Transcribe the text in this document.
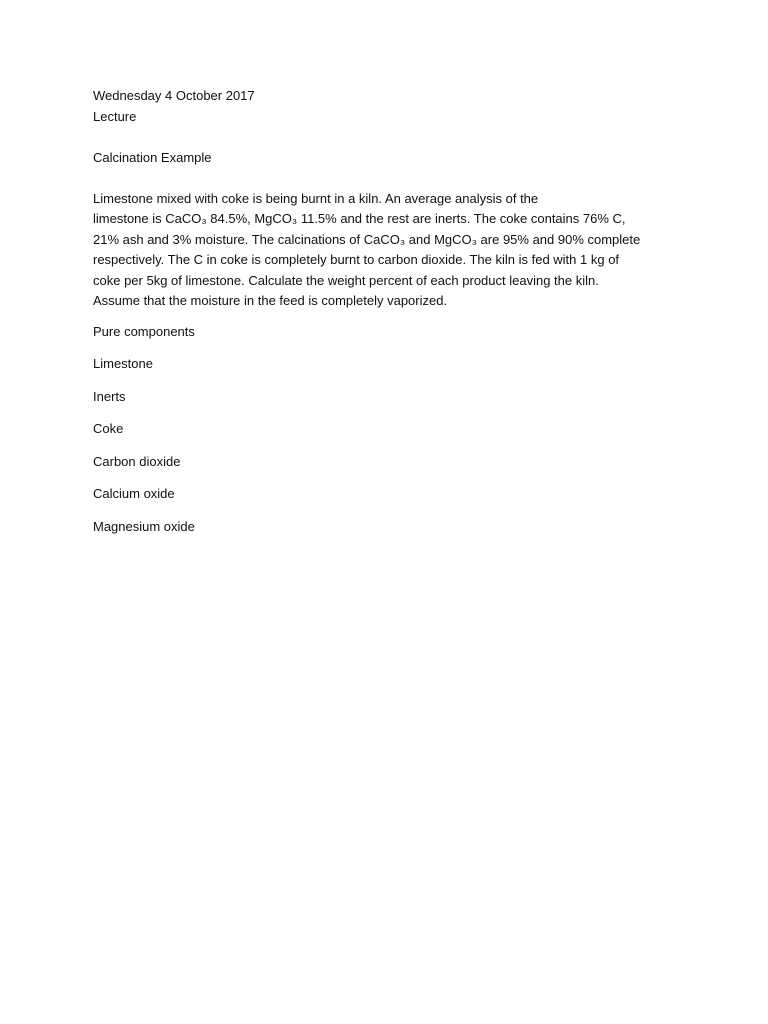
Wednesday 4 October 2017
Lecture
Calcination Example
Limestone mixed with coke is being burnt in a kiln. An average analysis of the
limestone is CaCO₃ 84.5%, MgCO₃ 11.5% and the rest are inerts. The coke contains 76% C,
21% ash and 3% moisture. The calcinations of CaCO₃ and MgCO₃ are 95% and 90% complete
respectively. The C in coke is completely burnt to carbon dioxide. The kiln is fed with 1 kg of
coke per 5kg of limestone. Calculate the weight percent of each product leaving the kiln.
Assume that the moisture in the feed is completely vaporized.
Pure components
Limestone
Inerts
Coke
Carbon dioxide
Calcium oxide
Magnesium oxide
